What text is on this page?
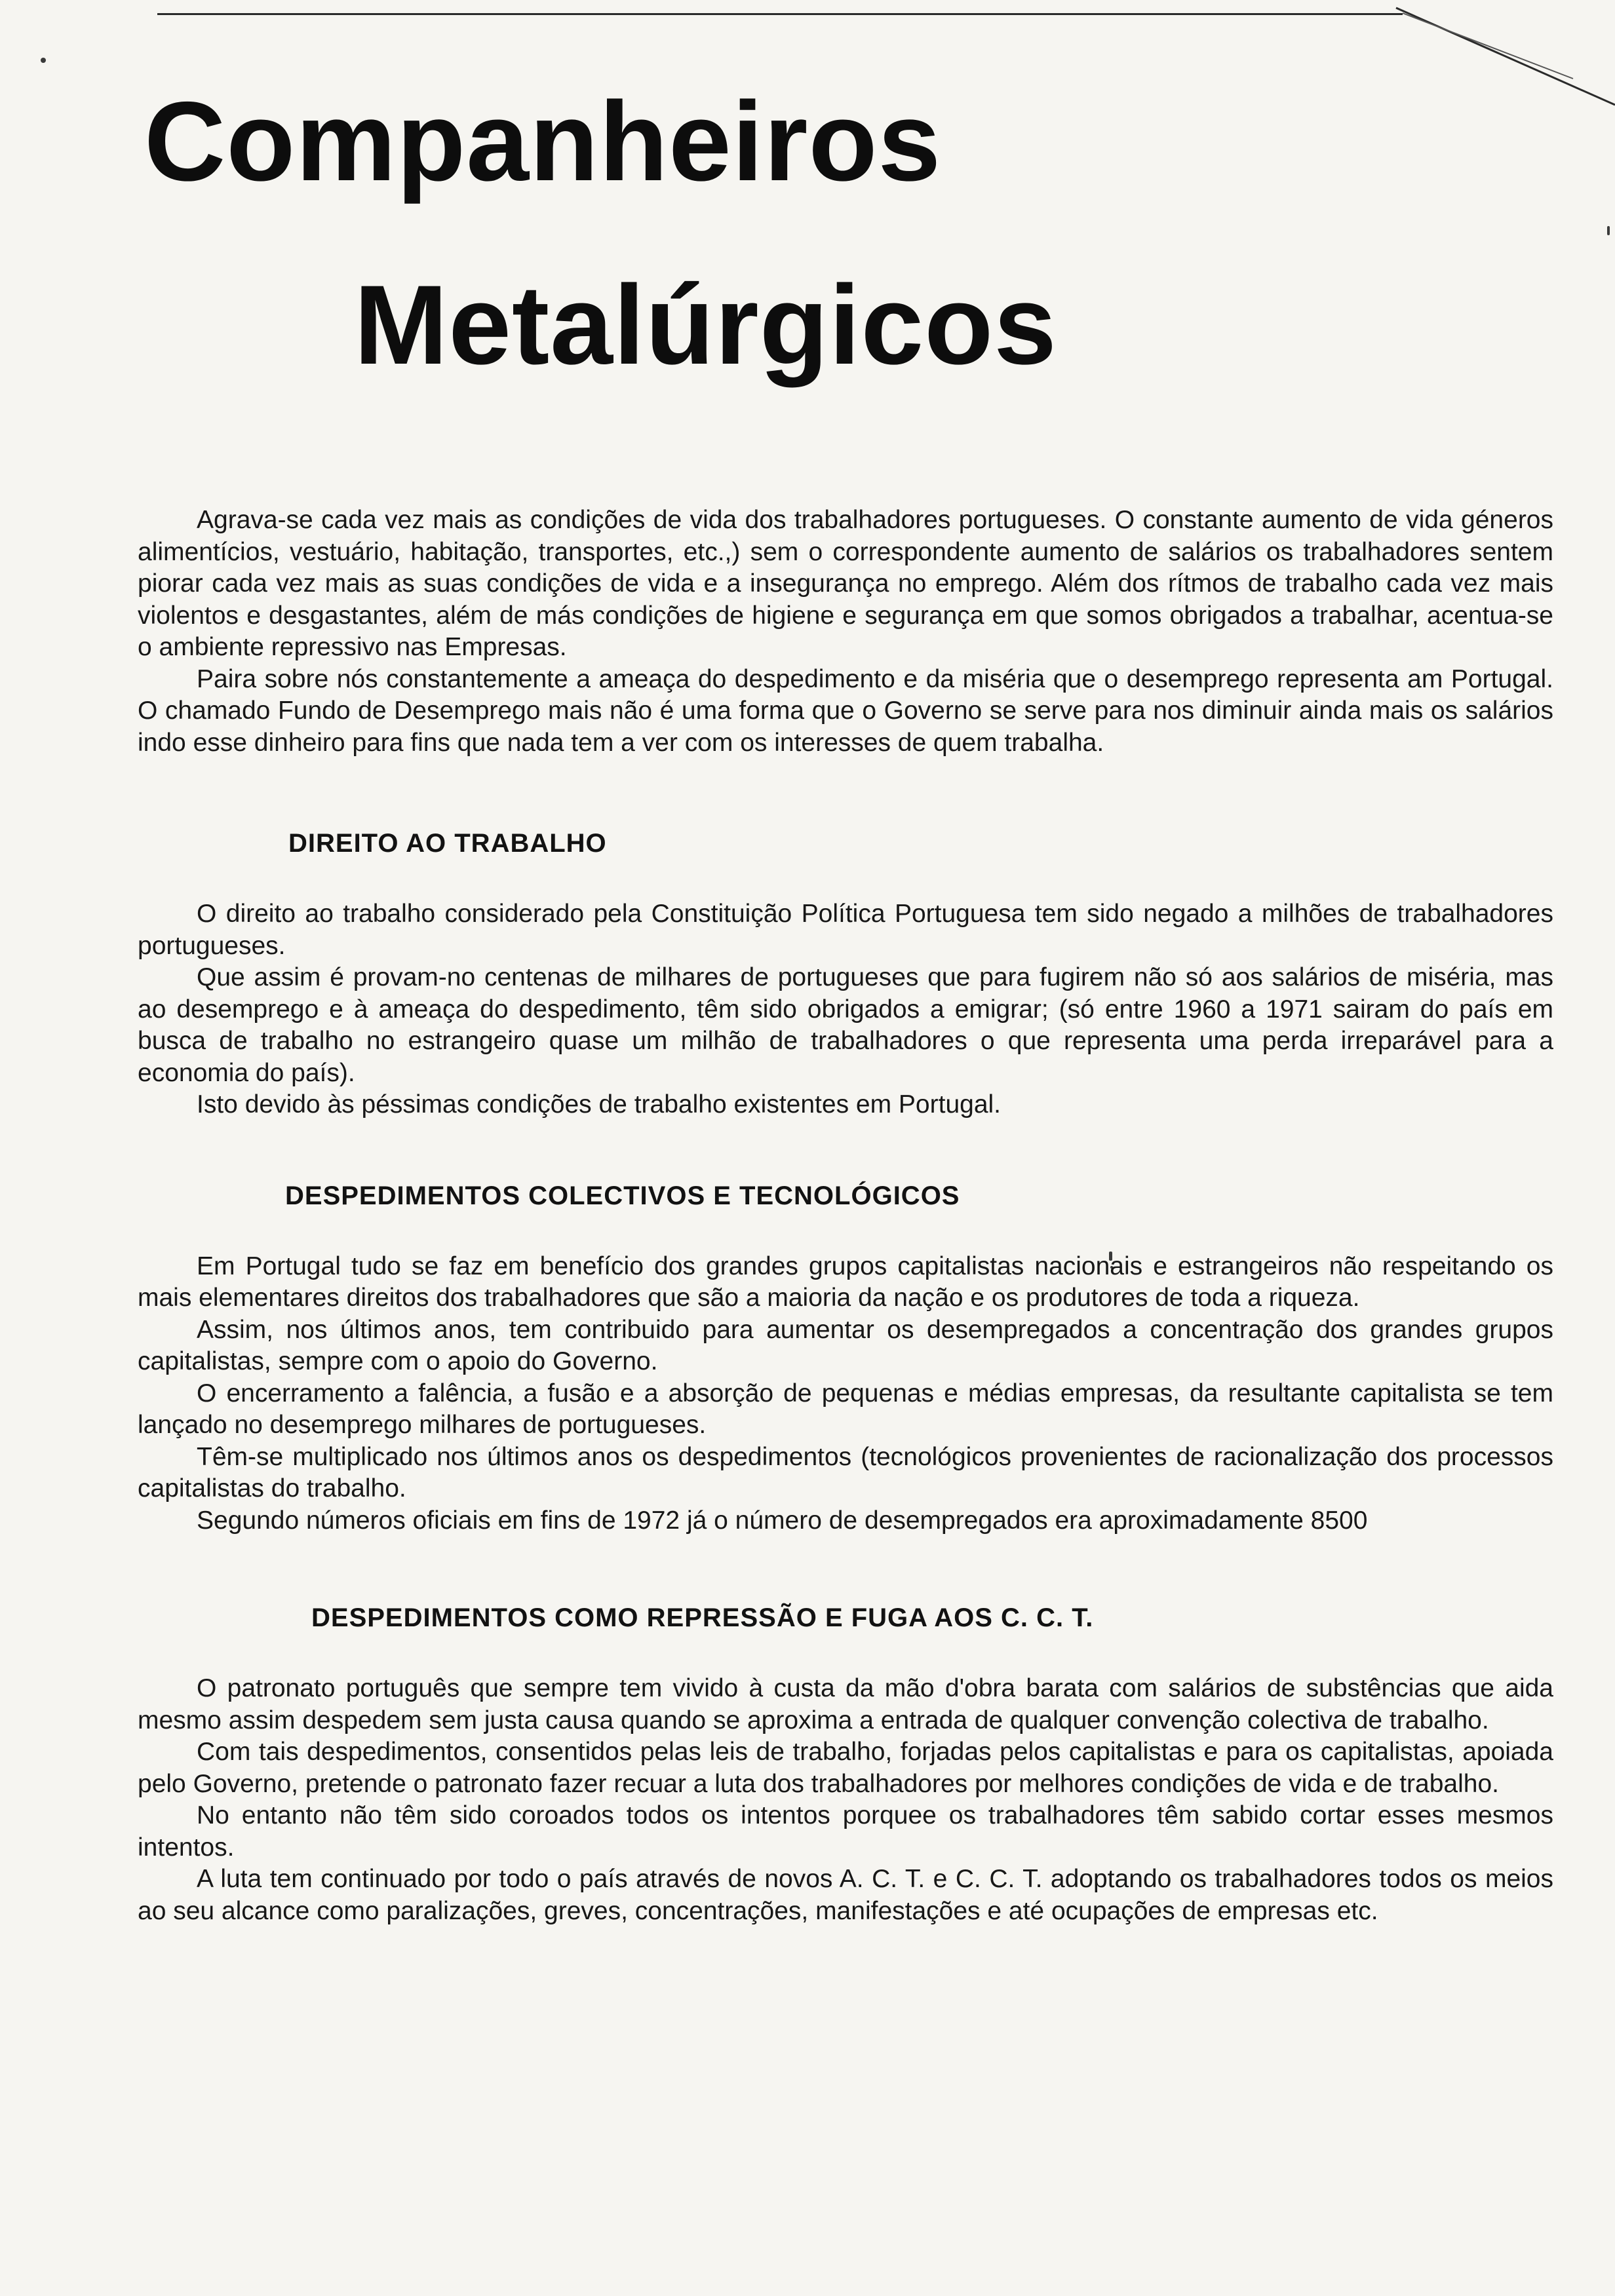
Companheiros
Metalúrgicos

Agrava-se cada vez mais as condições de vida dos trabalhadores portugueses. O constante aumento de vida géneros alimentícios, vestuário, habitação, transportes, etc.,) sem o correspondente aumento de salários os trabalhadores sentem piorar cada vez mais as suas condições de vida e a insegurança no emprego. Além dos rítmos de trabalho cada vez mais violentos e desgastantes, além de más condições de higiene e segurança em que somos obrigados a trabalhar, acentua-se o ambiente repressivo nas Empresas.

Paira sobre nós constantemente a ameaça do despedimento e da miséria que o desemprego representa am Portugal. O chamado Fundo de Desemprego mais não é uma forma que o Governo se serve para nos diminuir ainda mais os salários indo esse dinheiro para fins que nada tem a ver com os interesses de quem trabalha.

DIREITO AO TRABALHO

O direito ao trabalho considerado pela Constituição Política Portuguesa tem sido negado a milhões de trabalhadores portugueses.

Que assim é provam-no centenas de milhares de portugueses que para fugirem não só aos salários de miséria, mas ao desemprego e à ameaça do despedimento, têm sido obrigados a emigrar; (só entre 1960 a 1971 sairam do país em busca de trabalho no estrangeiro quase um milhão de trabalhadores o que representa uma perda irreparável para a economia do país).

Isto devido às péssimas condições de trabalho existentes em Portugal.

DESPEDIMENTOS COLECTIVOS E TECNOLÓGICOS

Em Portugal tudo se faz em benefício dos grandes grupos capitalistas nacionais e estrangeiros não respeitando os mais elementares direitos dos trabalhadores que são a maioria da nação e os produtores de toda a riqueza.

Assim, nos últimos anos, tem contribuido para aumentar os desempregados a concentração dos grandes grupos capitalistas, sempre com o apoio do Governo.

O encerramento a falência, a fusão e a absorção de pequenas e médias empresas, da resultante capitalista se tem lançado no desemprego milhares de portugueses.

Têm-se multiplicado nos últimos anos os despedimentos (tecnológicos provenientes de racionalização dos processos capitalistas do trabalho.

Segundo números oficiais em fins de 1972 já o número de desempregados era aproximadamente 8500

DESPEDIMENTOS COMO REPRESSÃO E FUGA AOS C. C. T.

O patronato português que sempre tem vivido à custa da mão d'obra barata com salários de substências que aida mesmo assim despedem sem justa causa quando se aproxima a entrada de qualquer convenção colectiva de trabalho.

Com tais despedimentos, consentidos pelas leis de trabalho, forjadas pelos capitalistas e para os capitalistas, apoiada pelo Governo, pretende o patronato fazer recuar a luta dos trabalhadores por melhores condições de vida e de trabalho.

No entanto não têm sido coroados todos os intentos porquee os trabalhadores têm sabido cortar esses mesmos intentos.

A luta tem continuado por todo o país através de novos A. C. T. e C. C. T. adoptando os trabalhadores todos os meios ao seu alcance como paralizações, greves, concentrações, manifestações e até ocupações de empresas etc.
